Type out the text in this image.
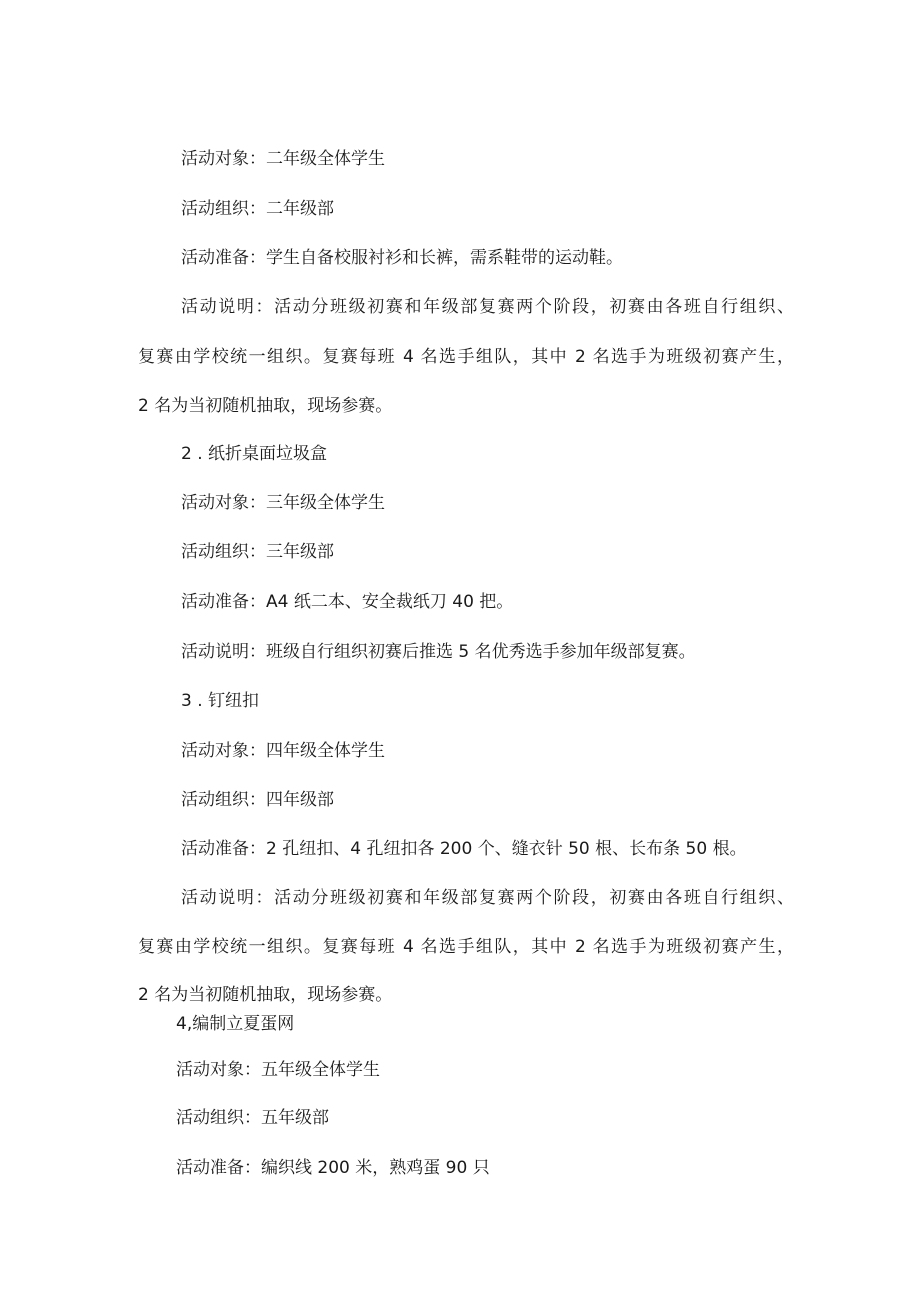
活动对象：二年级全体学生

活动组织：二年级部

活动准备：学生自备校服衬衫和长裤，需系鞋带的运动鞋。

活动说明：活动分班级初赛和年级部复赛两个阶段，初赛由各班自行组织、

复赛由学校统一组织。复赛每班 4 名选手组队，其中 2 名选手为班级初赛产生，

2 名为当初随机抽取，现场参赛。

2 . 纸折桌面垃圾盒

活动对象：三年级全体学生

活动组织：三年级部

活动准备：A4 纸二本、安全裁纸刀 40 把。

活动说明：班级自行组织初赛后推选 5 名优秀选手参加年级部复赛。

3 . 钉纽扣

活动对象：四年级全体学生

活动组织：四年级部

活动准备：2 孔纽扣、4 孔纽扣各 200 个、缝衣针 50 根、长布条 50 根。

活动说明：活动分班级初赛和年级部复赛两个阶段，初赛由各班自行组织、

复赛由学校统一组织。复赛每班 4 名选手组队，其中 2 名选手为班级初赛产生，

2 名为当初随机抽取，现场参赛。

4,编制立夏蛋网

活动对象：五年级全体学生

活动组织：五年级部

活动准备：编织线 200 米，熟鸡蛋 90 只
